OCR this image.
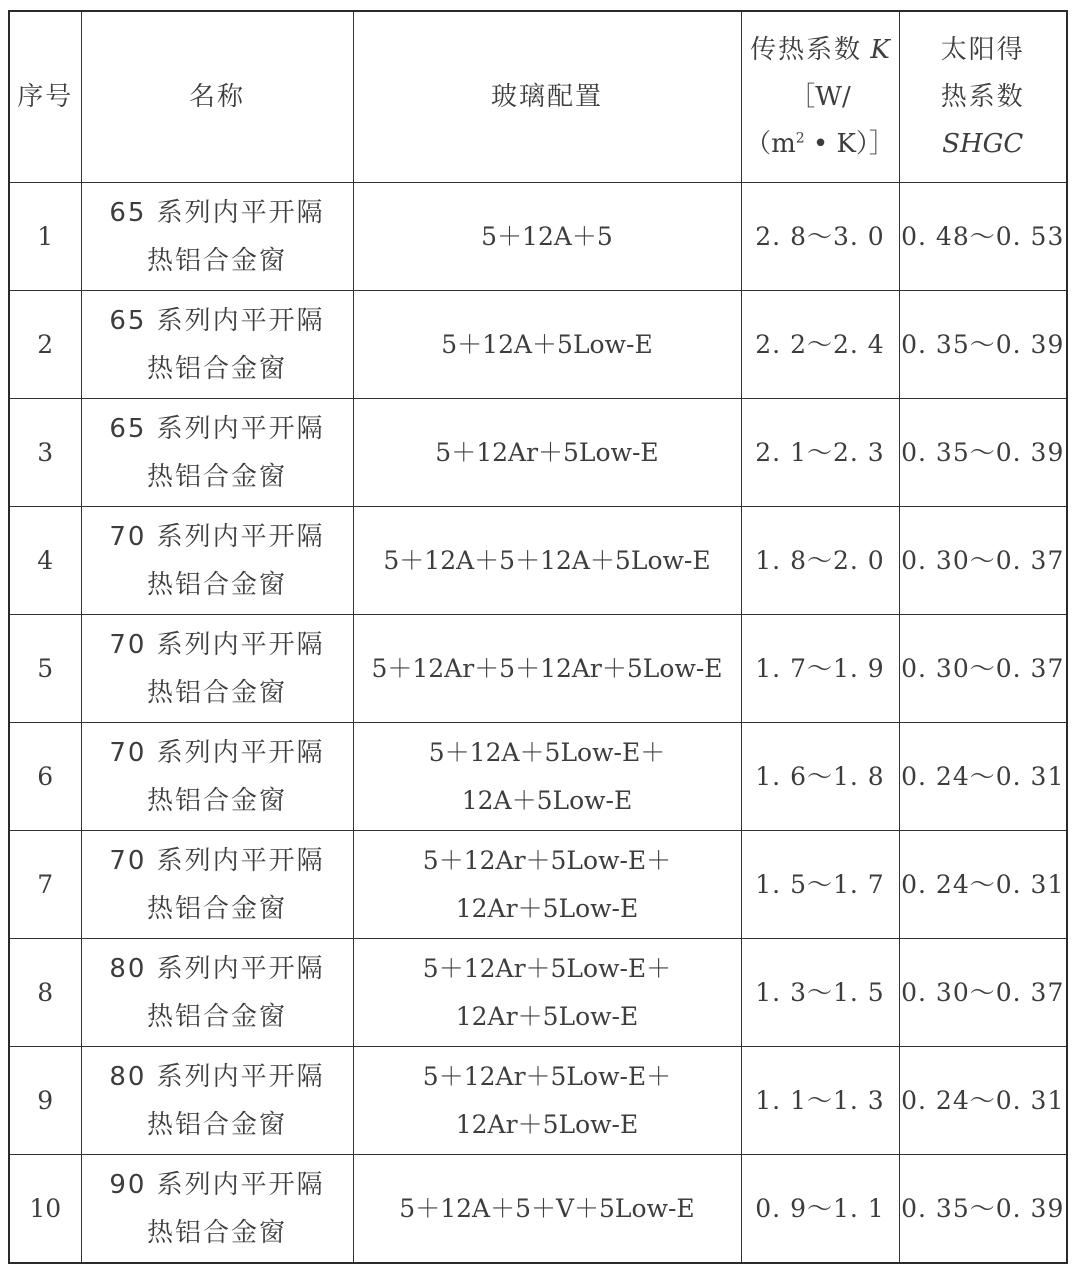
序号	名称	玻璃配置	传热系数 K
［W/
（$m^2$ • K）］	太阳得
热系数
SHGC

1	65 系列内平开隔
热铝合金窗	5＋12A＋5	2. 8～3. 0	0. 48～0. 53
2	65 系列内平开隔
热铝合金窗	5＋12A＋5Low-E	2. 2～2. 4	0. 35～0. 39
3	65 系列内平开隔
热铝合金窗	5＋12Ar＋5Low-E	2. 1～2. 3	0. 35～0. 39
4	70 系列内平开隔
热铝合金窗	5＋12A＋5＋12A＋5Low-E	1. 8～2. 0	0. 30～0. 37
5	70 系列内平开隔
热铝合金窗	5＋12Ar＋5＋12Ar＋5Low-E	1. 7～1. 9	0. 30～0. 37
6	70 系列内平开隔
热铝合金窗	5＋12A＋5Low-E＋
12A＋5Low-E	1. 6～1. 8	0. 24～0. 31
7	70 系列内平开隔
热铝合金窗	5＋12Ar＋5Low-E＋
12Ar＋5Low-E	1. 5～1. 7	0. 24～0. 31
8	80 系列内平开隔
热铝合金窗	5＋12Ar＋5Low-E＋
12Ar＋5Low-E	1. 3～1. 5	0. 30～0. 37
9	80 系列内平开隔
热铝合金窗	5＋12Ar＋5Low-E＋
12Ar＋5Low-E	1. 1～1. 3	0. 24～0. 31
10	90 系列内平开隔
热铝合金窗	5＋12A＋5＋V＋5Low-E	0. 9～1. 1	0. 35～0. 39
